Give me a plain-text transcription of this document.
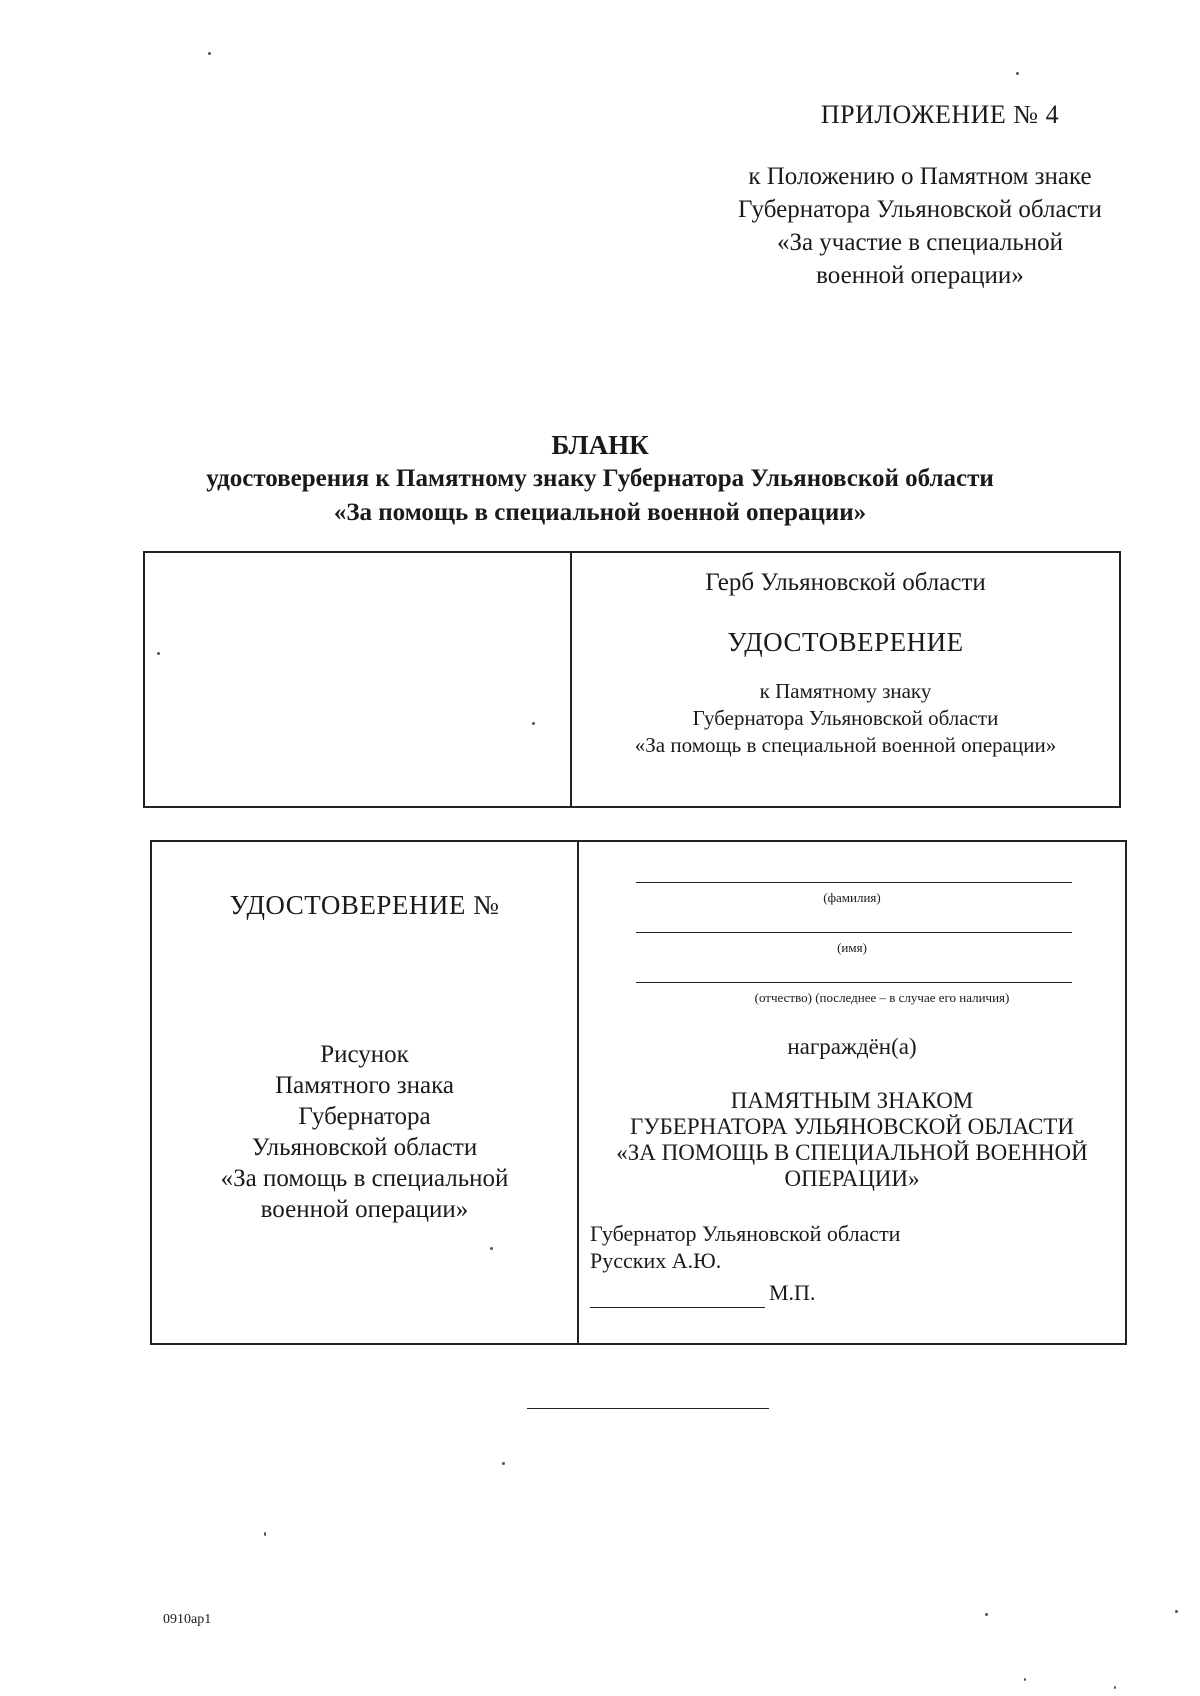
ПРИЛОЖЕНИЕ № 4
к Положению о Памятном знаке
Губернатора Ульяновской области
«За участие в специальной
военной операции»
БЛАНК
удостоверения к Памятному знаку Губернатора Ульяновской области
«За помощь в специальной военной операции»
Герб Ульяновской области
УДОСТОВЕРЕНИЕ
к Памятному знаку
Губернатора Ульяновской области
«За помощь в специальной военной операции»
УДОСТОВЕРЕНИЕ №
Рисунок
Памятного знака
Губернатора
Ульяновской области
«За помощь в специальной
военной операции»
(фамилия)
(имя)
(отчество) (последнее – в случае его наличия)
награждён(а)
ПАМЯТНЫМ ЗНАКОМ
ГУБЕРНАТОРА УЛЬЯНОВСКОЙ ОБЛАСТИ
«ЗА ПОМОЩЬ В СПЕЦИАЛЬНОЙ ВОЕННОЙ
ОПЕРАЦИИ»
Губернатор Ульяновской области
Русских А.Ю.
М.П.
0910ар1
